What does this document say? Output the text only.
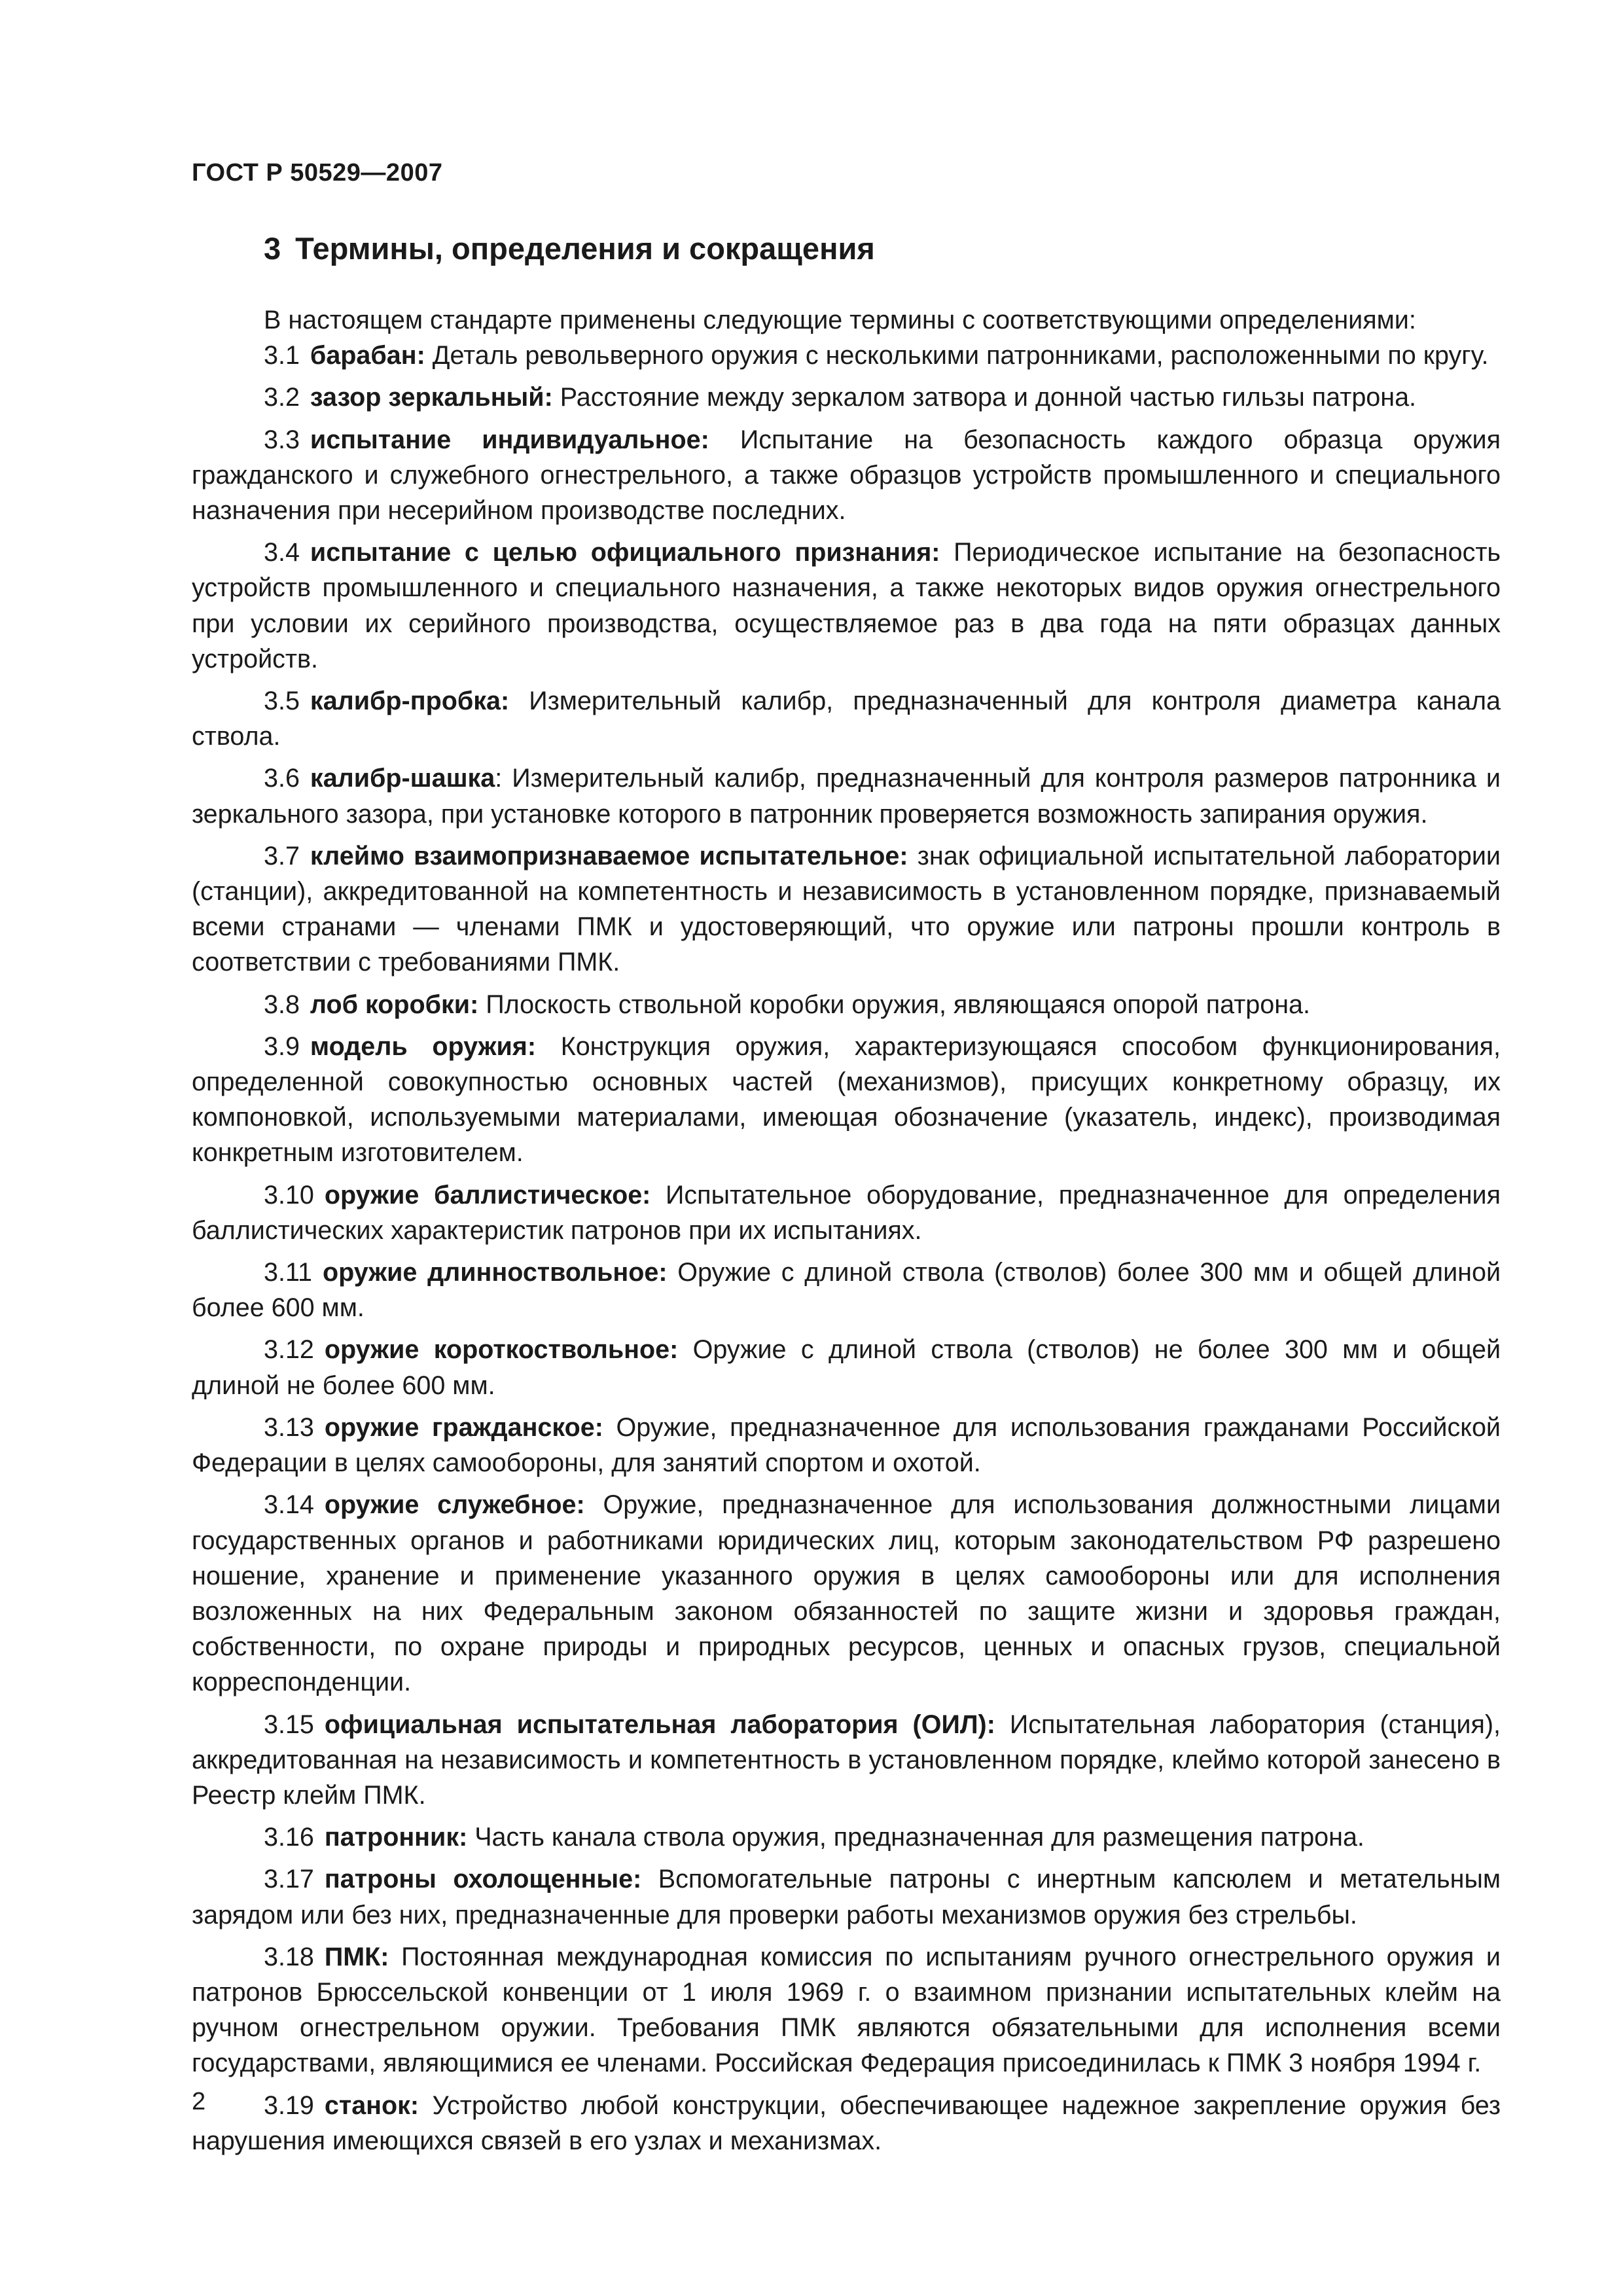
ГОСТ Р 50529—2007
3 Термины, определения и сокращения

В настоящем стандарте применены следующие термины с соответствующими определениями:

3.1 барабан: Деталь револьверного оружия с несколькими патронниками, расположенными по кругу.

3.2 зазор зеркальный: Расстояние между зеркалом затвора и донной частью гильзы патрона.

3.3 испытание индивидуальное: Испытание на безопасность каждого образца оружия гражданского и служебного огнестрельного, а также образцов устройств промышленного и специального назначения при несерийном производстве последних.

3.4 испытание с целью официального признания: Периодическое испытание на безопасность устройств промышленного и специального назначения, а также некоторых видов оружия огнестрельного при условии их серийного производства, осуществляемое раз в два года на пяти образцах данных устройств.

3.5 калибр-пробка: Измерительный калибр, предназначенный для контроля диаметра канала ствола.

3.6 калибр-шашка: Измерительный калибр, предназначенный для контроля размеров патронника и зеркального зазора, при установке которого в патронник проверяется возможность запирания оружия.

3.7 клеймо взаимопризнаваемое испытательное: знак официальной испытательной лаборатории (станции), аккредитованной на компетентность и независимость в установленном порядке, признаваемый всеми странами — членами ПМК и удостоверяющий, что оружие или патроны прошли контроль в соответствии с требованиями ПМК.

3.8 лоб коробки: Плоскость ствольной коробки оружия, являющаяся опорой патрона.

3.9 модель оружия: Конструкция оружия, характеризующаяся способом функционирования, определенной совокупностью основных частей (механизмов), присущих конкретному образцу, их компоновкой, используемыми материалами, имеющая обозначение (указатель, индекс), производимая конкретным изготовителем.

3.10 оружие баллистическое: Испытательное оборудование, предназначенное для определения баллистических характеристик патронов при их испытаниях.

3.11 оружие длинноствольное: Оружие с длиной ствола (стволов) более 300 мм и общей длиной более 600 мм.

3.12 оружие короткоствольное: Оружие с длиной ствола (стволов) не более 300 мм и общей длиной не более 600 мм.

3.13 оружие гражданское: Оружие, предназначенное для использования гражданами Российской Федерации в целях самообороны, для занятий спортом и охотой.

3.14 оружие служебное: Оружие, предназначенное для использования должностными лицами государственных органов и работниками юридических лиц, которым законодательством РФ разрешено ношение, хранение и применение указанного оружия в целях самообороны или для исполнения возложенных на них Федеральным законом обязанностей по защите жизни и здоровья граждан, собственности, по охране природы и природных ресурсов, ценных и опасных грузов, специальной корреспонденции.

3.15 официальная испытательная лаборатория (ОИЛ): Испытательная лаборатория (станция), аккредитованная на независимость и компетентность в установленном порядке, клеймо которой занесено в Реестр клейм ПМК.

3.16 патронник: Часть канала ствола оружия, предназначенная для размещения патрона.

3.17 патроны охолощенные: Вспомогательные патроны с инертным капсюлем и метательным зарядом или без них, предназначенные для проверки работы механизмов оружия без стрельбы.

3.18 ПМК: Постоянная международная комиссия по испытаниям ручного огнестрельного оружия и патронов Брюссельской конвенции от 1 июля 1969 г. о взаимном признании испытательных клейм на ручном огнестрельном оружии. Требования ПМК являются обязательными для исполнения всеми государствами, являющимися ее членами. Российская Федерация присоединилась к ПМК 3 ноября 1994 г.

3.19 станок: Устройство любой конструкции, обеспечивающее надежное закрепление оружия без нарушения имеющихся связей в его узлах и механизмах.

2
